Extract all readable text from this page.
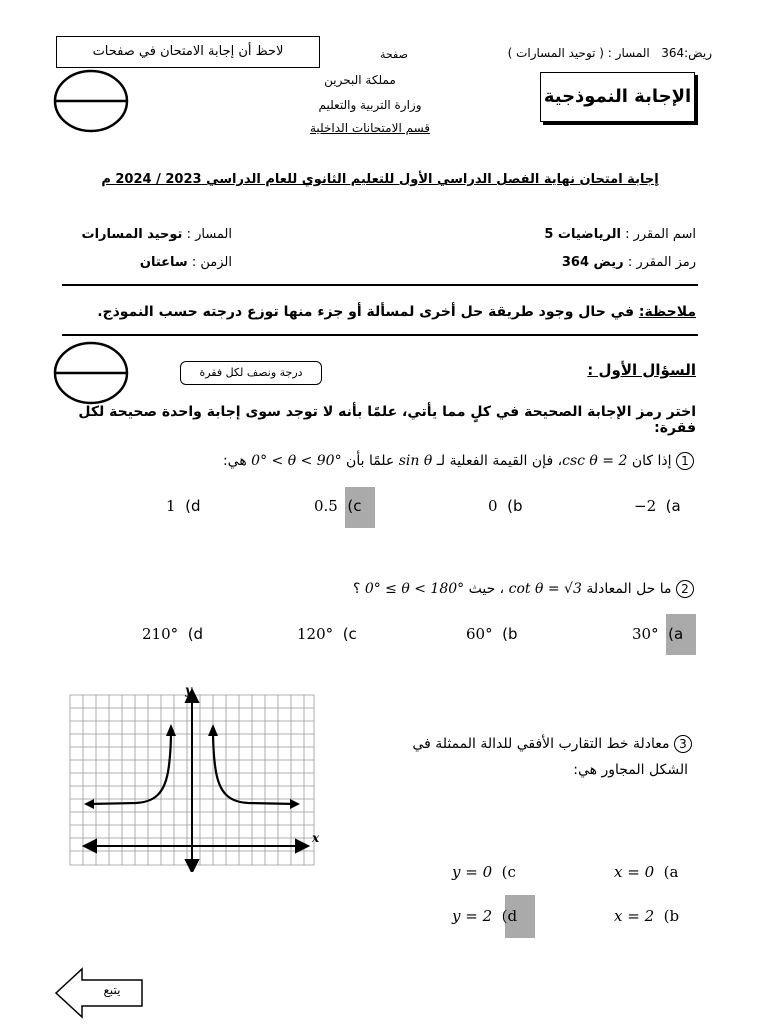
لاحظ أن إجابة الامتحان في صفحات	صفحة	ريض:364   المسار : ( توحيد المسارات )
مملكة البحرين
وزارة التربية والتعليم
قسم الامتحانات الداخلية
الإجابة النموذجية
إجابة امتحان نهاية الفصل الدراسي الأول للتعليم الثانوي للعام الدراسي 2023 / 2024 م
اسم المقرر : الرياضيات 5
رمز المقرر : ريض 364
المسار : توحيد المسارات
الزمن : ساعتان
ملاحظة: في حال وجود طريقة حل أخرى لمسألة أو جزء منها توزع درجته حسب النموذج.
درجة ونصف لكل فقرة	السؤال الأول :
اختر رمز الإجابة الصحيحة في كلٍ مما يأتي، علمًا بأنه لا توجد سوى إجابة واحدة صحيحة لكل فقرة:
1 إذا كان csc θ = 2، فإن القيمة الفعلية لـ sin θ علمًا بأن 0° < θ < 90° هي:
−2 (a
0 (b
0.5 (c
1 (d
2 ما حل المعادلة cot θ = √3 ، حيث 0° ≤ θ < 180° ؟
30° (a
60° (b
120° (c
210° (d
3 معادلة خط التقارب الأفقي للدالة الممثلة في
الشكل المجاور هي:
x
y
x = 0 (a
x = 2 (b
y = 0 (c
y = 2 (d
يتبع
